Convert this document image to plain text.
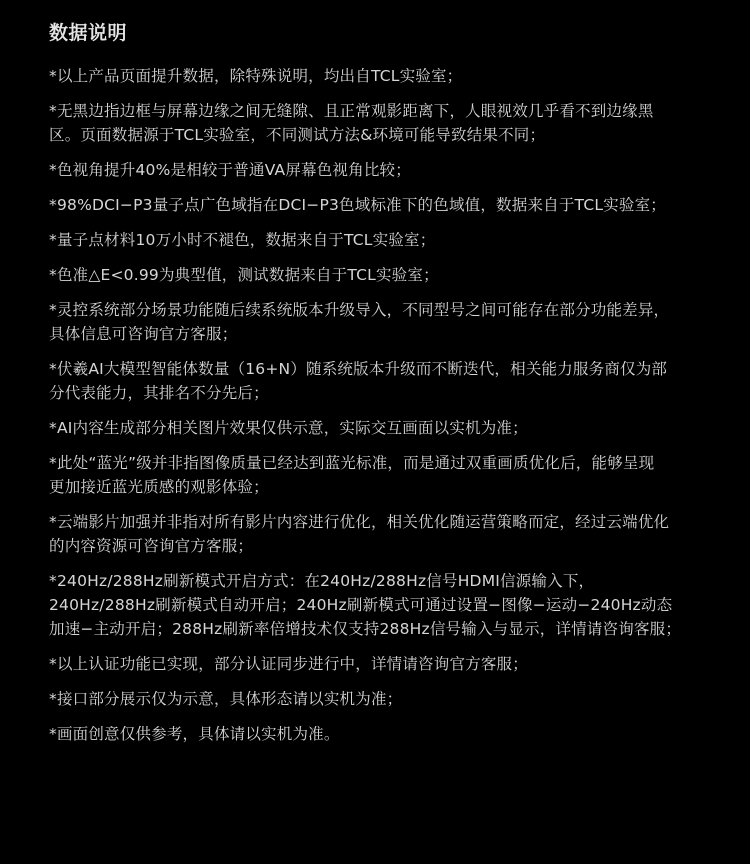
数据说明
*以上产品页面提升数据，除特殊说明，均出自TCL实验室；
*无黑边指边框与屏幕边缘之间无缝隙、且正常观影距离下，人眼视效几乎看不到边缘黑
区。页面数据源于TCL实验室，不同测试方法&环境可能导致结果不同；
*色视角提升40%是相较于普通VA屏幕色视角比较；
*98%DCI−P3量子点广色域指在DCI−P3色域标准下的色域值，数据来自于TCL实验室；
*量子点材料10万小时不褪色，数据来自于TCL实验室；
*色准△E<0.99为典型值，测试数据来自于TCL实验室；
*灵控系统部分场景功能随后续系统版本升级导入，不同型号之间可能存在部分功能差异，
具体信息可咨询官方客服；
*伏羲AI大模型智能体数量（16+N）随系统版本升级而不断迭代，相关能力服务商仅为部
分代表能力，其排名不分先后；
*AI内容生成部分相关图片效果仅供示意，实际交互画面以实机为准；
*此处“蓝光”级并非指图像质量已经达到蓝光标准，而是通过双重画质优化后，能够呈现
更加接近蓝光质感的观影体验；
*云端影片加强并非指对所有影片内容进行优化，相关优化随运营策略而定，经过云端优化
的内容资源可咨询官方客服；
*240Hz/288Hz刷新模式开启方式：在240Hz/288Hz信号HDMI信源输入下，
240Hz/288Hz刷新模式自动开启；240Hz刷新模式可通过设置−图像−运动−240Hz动态
加速−主动开启；288Hz刷新率倍增技术仅支持288Hz信号输入与显示，详情请咨询客服；
*以上认证功能已实现，部分认证同步进行中，详情请咨询官方客服；
*接口部分展示仅为示意，具体形态请以实机为准；
*画面创意仅供参考，具体请以实机为准。
